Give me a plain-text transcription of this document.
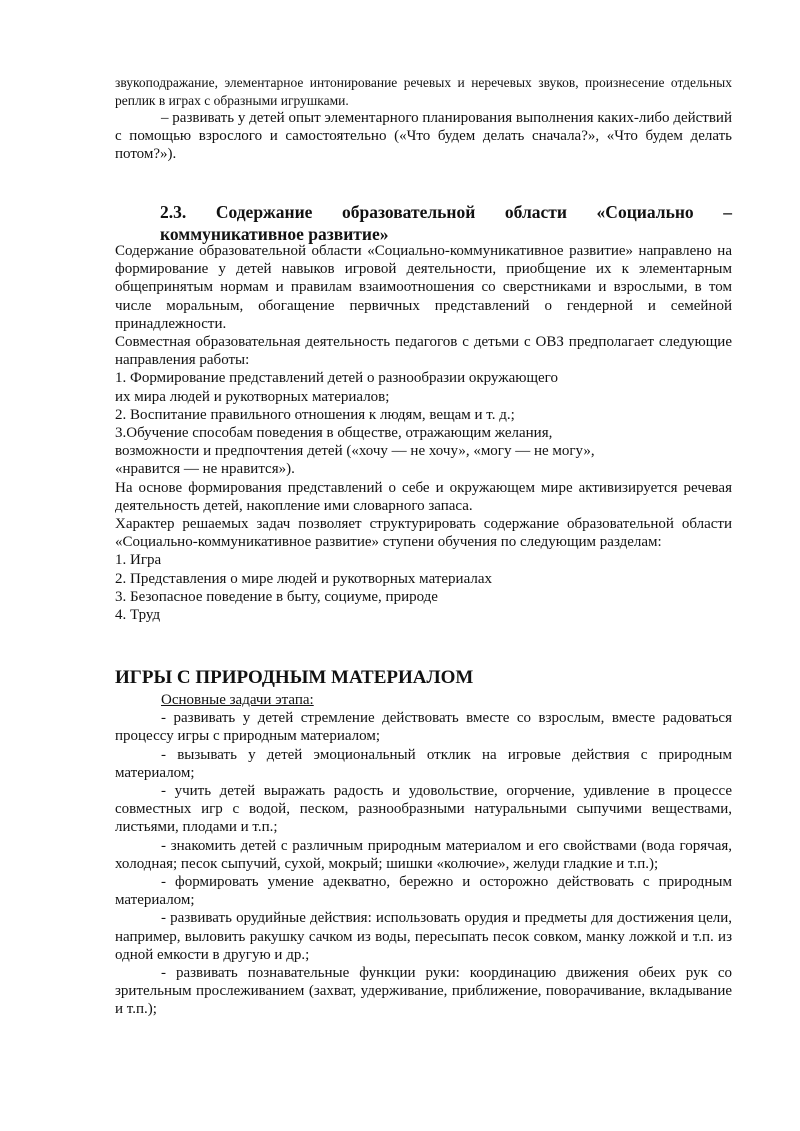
звукоподражание, элементарное интонирование речевых и неречевых звуков, произнесение отдельных реплик в играх с образными игрушками.

– развивать у детей опыт элементарного планирования выполнения каких-либо действий с помощью взрослого и самостоятельно («Что будем делать сначала?», «Что будем делать потом?»).

2.3. Содержание образовательной области «Социально –
коммуникативное развитие»

Содержание образовательной области «Социально-коммуникативное развитие» направлено на формирование у детей навыков игровой деятельности, приобщение их к элементарным общепринятым нормам и правилам взаимоотношения со сверстниками и взрослыми, в том числе моральным, обогащение первичных представлений о гендерной и семейной принадлежности.

Совместная образовательная деятельность педагогов с детьми с ОВЗ предполагает следующие направления работы:

1. Формирование представлений детей о разнообразии окружающего
их мира людей и рукотворных материалов;
2. Воспитание правильного отношения к людям, вещам и т. д.;
3.Обучение способам поведения в обществе, отражающим желания,
возможности и предпочтения детей («хочу — не хочу», «могу — не могу»,
«нравится — не нравится»).

На основе формирования представлений о себе и окружающем мире активизируется речевая деятельность детей, накопление ими словарного запаса.

Характер решаемых задач позволяет структурировать содержание образовательной области «Социально-коммуникативное развитие» ступени обучения по следующим разделам:

1. Игра
2. Представления о мире людей и рукотворных материалах
3. Безопасное поведение в быту, социуме, природе
4. Труд
ИГРЫ С ПРИРОДНЫМ МАТЕРИАЛОМ
Основные задачи этапа:

- развивать у детей стремление действовать вместе со взрослым, вместе радоваться процессу игры с природным материалом;

- вызывать у детей эмоциональный отклик на игровые действия с природным материалом;

- учить детей выражать радость и удовольствие, огорчение, удивление в процессе совместных игр с водой, песком, разнообразными натуральными сыпучими веществами, листьями, плодами и т.п.;

- знакомить детей с различным природным материалом и его свойствами (вода горячая, холодная; песок сыпучий, сухой, мокрый; шишки «колючие», желуди гладкие и т.п.);

- формировать умение адекватно, бережно и осторожно действовать с природным материалом;

- развивать орудийные действия: использовать орудия и предметы для достижения цели, например, выловить ракушку сачком из воды, пересыпать песок совком, манку ложкой и т.п. из одной емкости в другую и др.;

- развивать познавательные функции руки: координацию движения обеих рук со зрительным прослеживанием (захват, удерживание, приближение, поворачивание, вкладывание и т.п.);
